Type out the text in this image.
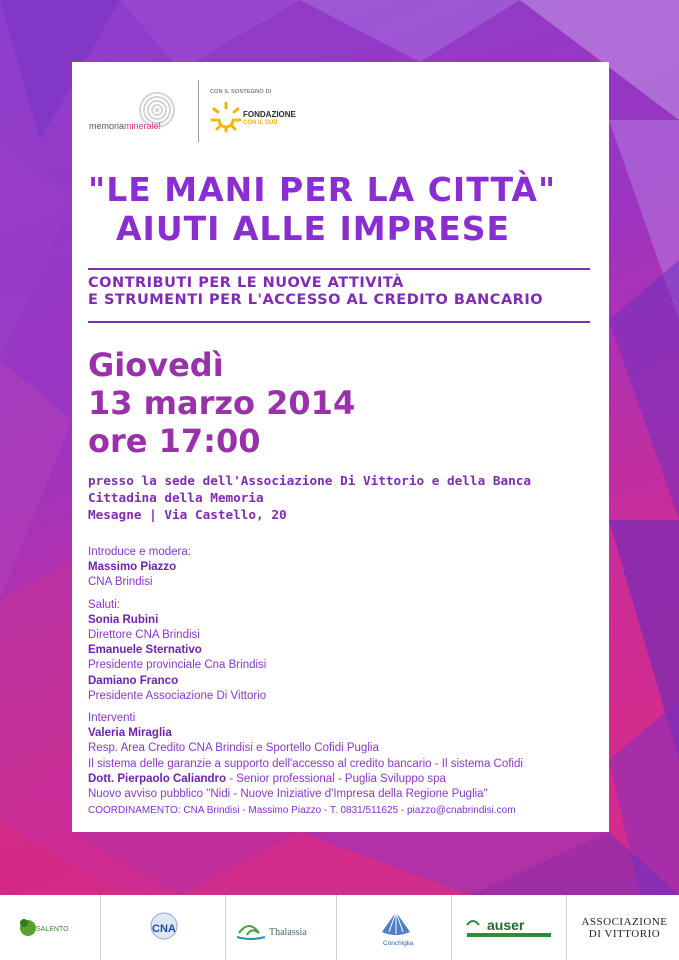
memoriaminerale!
CON IL SOSTEGNO DI
FONDAZIONE
CON IL SUD
"LE MANI PER LA CITTÀ"
AIUTI ALLE IMPRESE
CONTRIBUTI PER LE NUOVE ATTIVITÀ
E STRUMENTI PER L'ACCESSO AL CREDITO BANCARIO
Giovedì
13 marzo 2014
ore 17:00
presso la sede dell'Associazione Di Vittorio e della Banca
Cittadina della Memoria
Mesagne | Via Castello, 20
Introduce e modera:
Massimo Piazzo
CNA Brindisi
Saluti:
Sonia Rubini
Direttore CNA Brindisi
Emanuele Sternativo
Presidente provinciale Cna Brindisi
Damiano Franco
Presidente Associazione Di Vittorio
Interventi
Valeria Miraglia
Resp. Area Credito CNA Brindisi e Sportello Cofidi Puglia
Il sistema delle garanzie a supporto dell'accesso al credito bancario - Il sistema Cofidi
Dott. Pierpaolo Caliandro - Senior professional - Puglia Sviluppo spa
Nuovo avviso pubblico "Nidi - Nuove Iniziative d'Impresa della Regione Puglia"
COORDINAMENTO: CNA Brindisi - Massimo Piazzo - T. 0831/511625 - piazzo@cnabrindisi.com
SALENTO	CNA	Thalassia
Conchiglia
auser	ASSOCIAZIONE
DI VITTORIO
